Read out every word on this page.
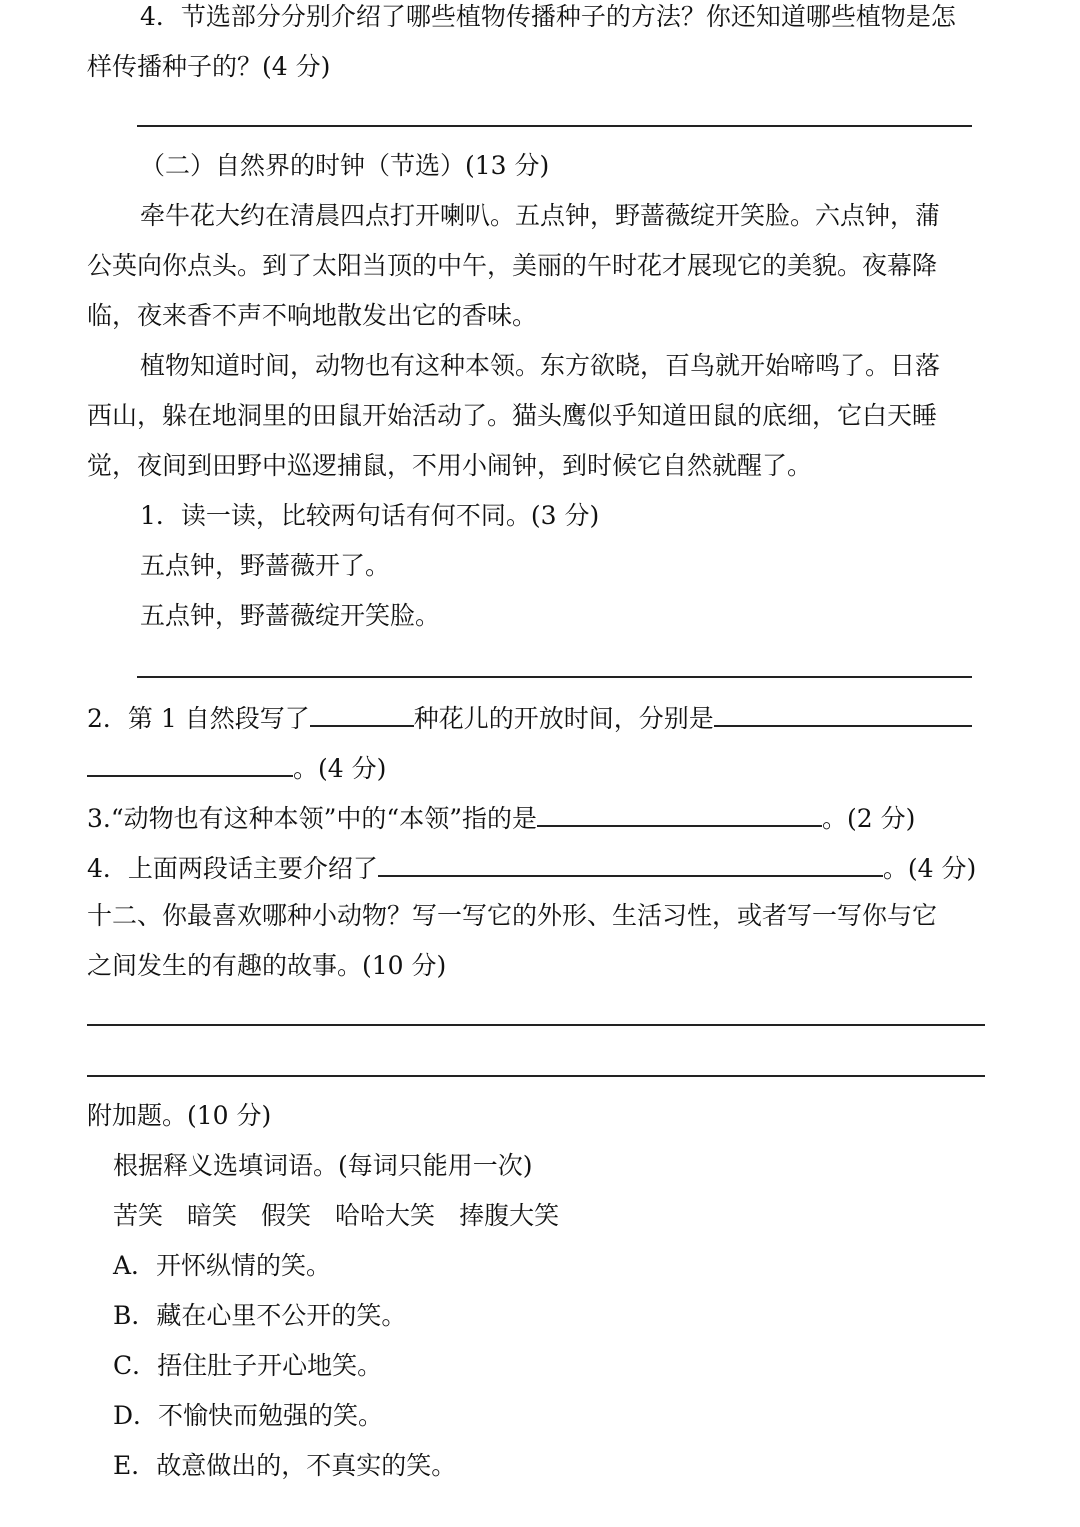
4．节选部分分别介绍了哪些植物传播种子的方法？你还知道哪些植物是怎
样传播种子的？(4 分)
（二）自然界的时钟（节选）(13 分)
牵牛花大约在清晨四点打开喇叭。五点钟，野蔷薇绽开笑脸。六点钟，蒲
公英向你点头。到了太阳当顶的中午，美丽的午时花才展现它的美貌。夜幕降
临，夜来香不声不响地散发出它的香味。
植物知道时间，动物也有这种本领。东方欲晓，百鸟就开始啼鸣了。日落
西山，躲在地洞里的田鼠开始活动了。猫头鹰似乎知道田鼠的底细，它白天睡
觉，夜间到田野中巡逻捕鼠，不用小闹钟，到时候它自然就醒了。
1．读一读，比较两句话有何不同。(3 分)
五点钟，野蔷薇开了。
五点钟，野蔷薇绽开笑脸。
2．第 1 自然段写了	种花儿的开放时间，分别是
。(4 分)
3.“动物也有这种本领”中的“本领”指的是	。(2 分)
4．上面两段话主要介绍了	。(4 分)
十二、你最喜欢哪种小动物？写一写它的外形、生活习性，或者写一写你与它
之间发生的有趣的故事。(10 分)
附加题。(10 分)
根据释义选填词语。(每词只能用一次)
苦笑 暗笑 假笑 哈哈大笑 捧腹大笑
A．开怀纵情的笑。
B．藏在心里不公开的笑。
C．捂住肚子开心地笑。
D．不愉快而勉强的笑。
E．故意做出的，不真实的笑。
